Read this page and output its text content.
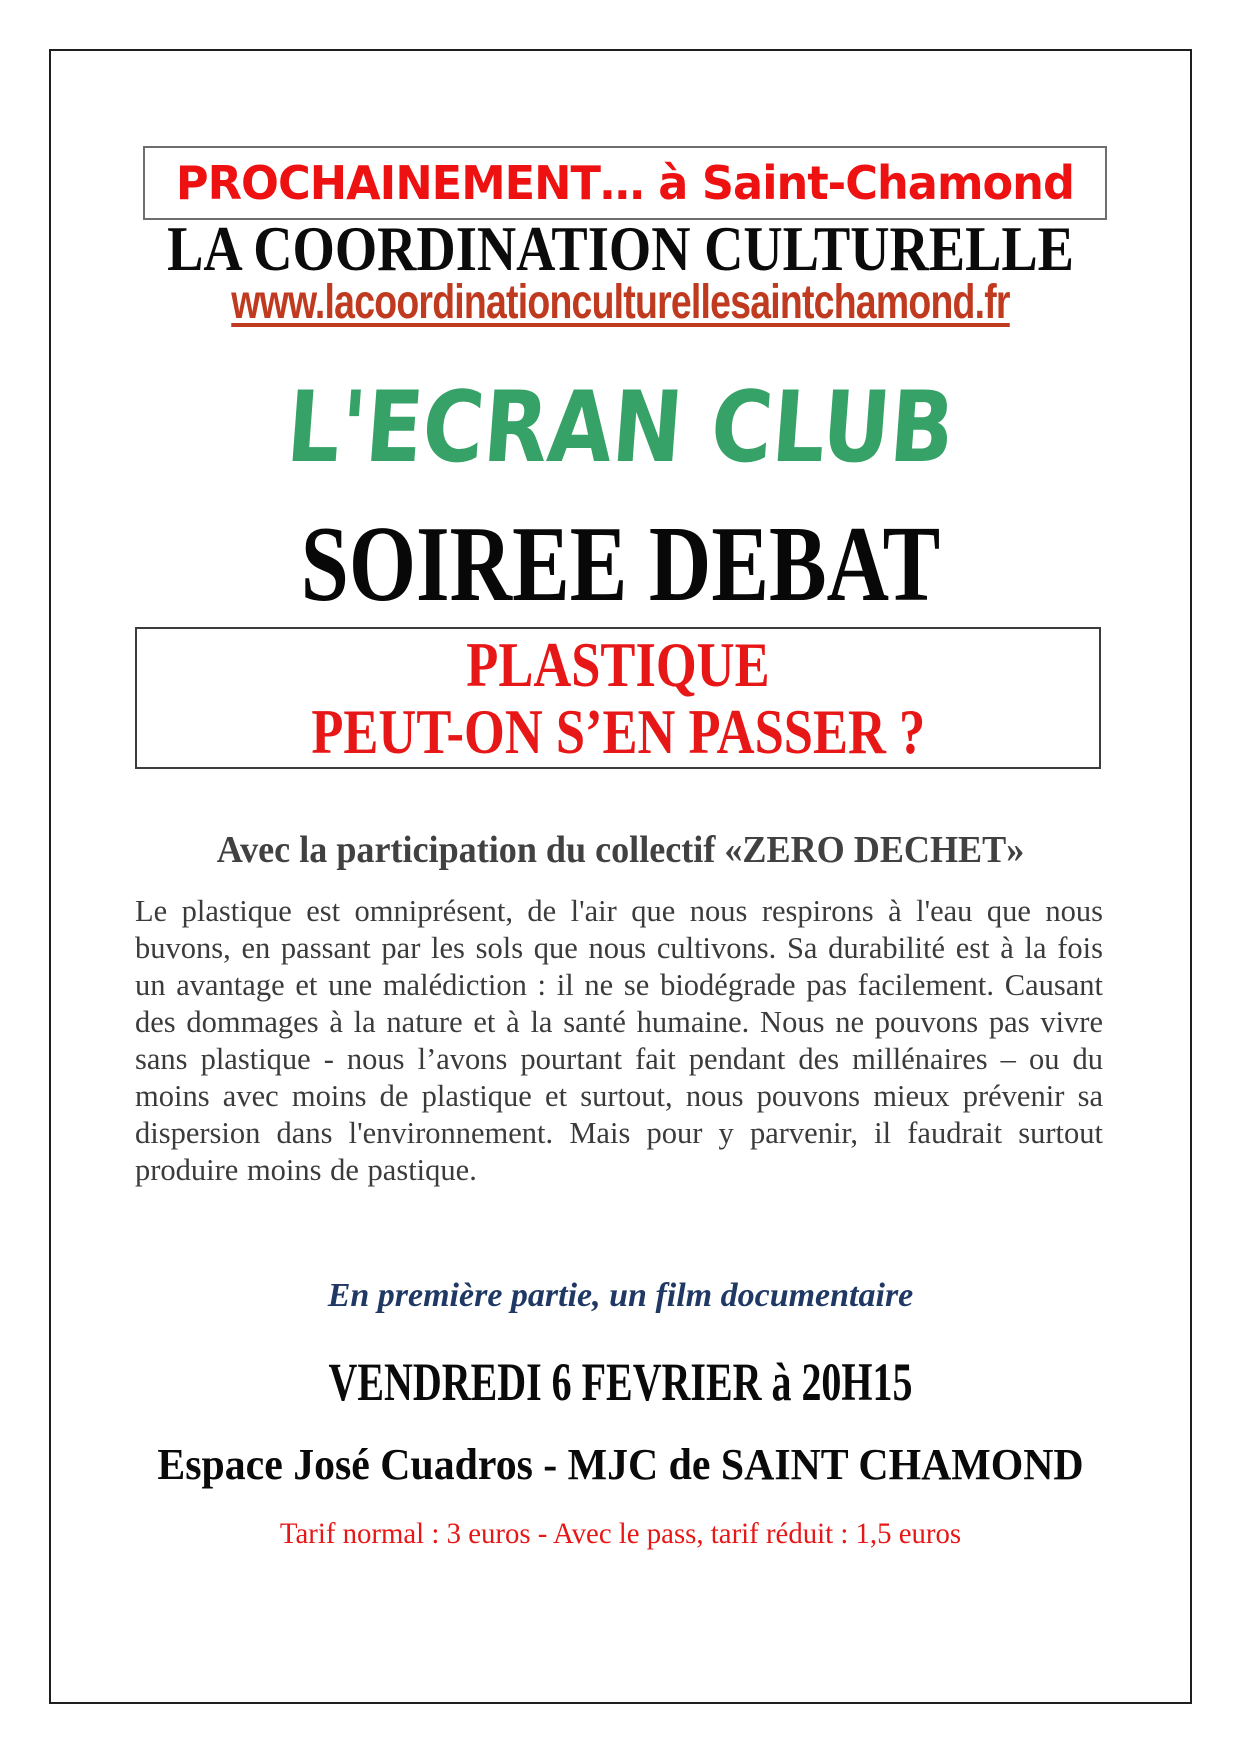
PROCHAINEMENT… à Saint-Chamond
LA COORDINATION CULTURELLE
www.lacoordinationculturellesaintchamond.fr
L'ECRAN CLUB
SOIREE DEBAT
PLASTIQUE
PEUT-ON S’EN PASSER ?
Avec la participation du collectif «ZERO DECHET»

Le plastique est omniprésent, de l'air que nous respirons à l'eau que nous buvons, en passant par les sols que nous cultivons. Sa durabilité est à la fois un avantage et une malédiction : il ne se biodégrade pas facilement. Causant des dommages à la nature et à la santé humaine. Nous ne pouvons pas vivre sans plastique - nous l’avons pourtant fait pendant des millénaires – ou du moins avec moins de plastique et surtout, nous pouvons mieux prévenir sa dispersion dans l'environnement. Mais pour y parvenir, il faudrait surtout produire moins de pastique.

En première partie, un film documentaire
VENDREDI 6 FEVRIER à 20H15
Espace José Cuadros - MJC de SAINT CHAMOND
Tarif normal : 3 euros - Avec le pass, tarif réduit : 1,5 euros
